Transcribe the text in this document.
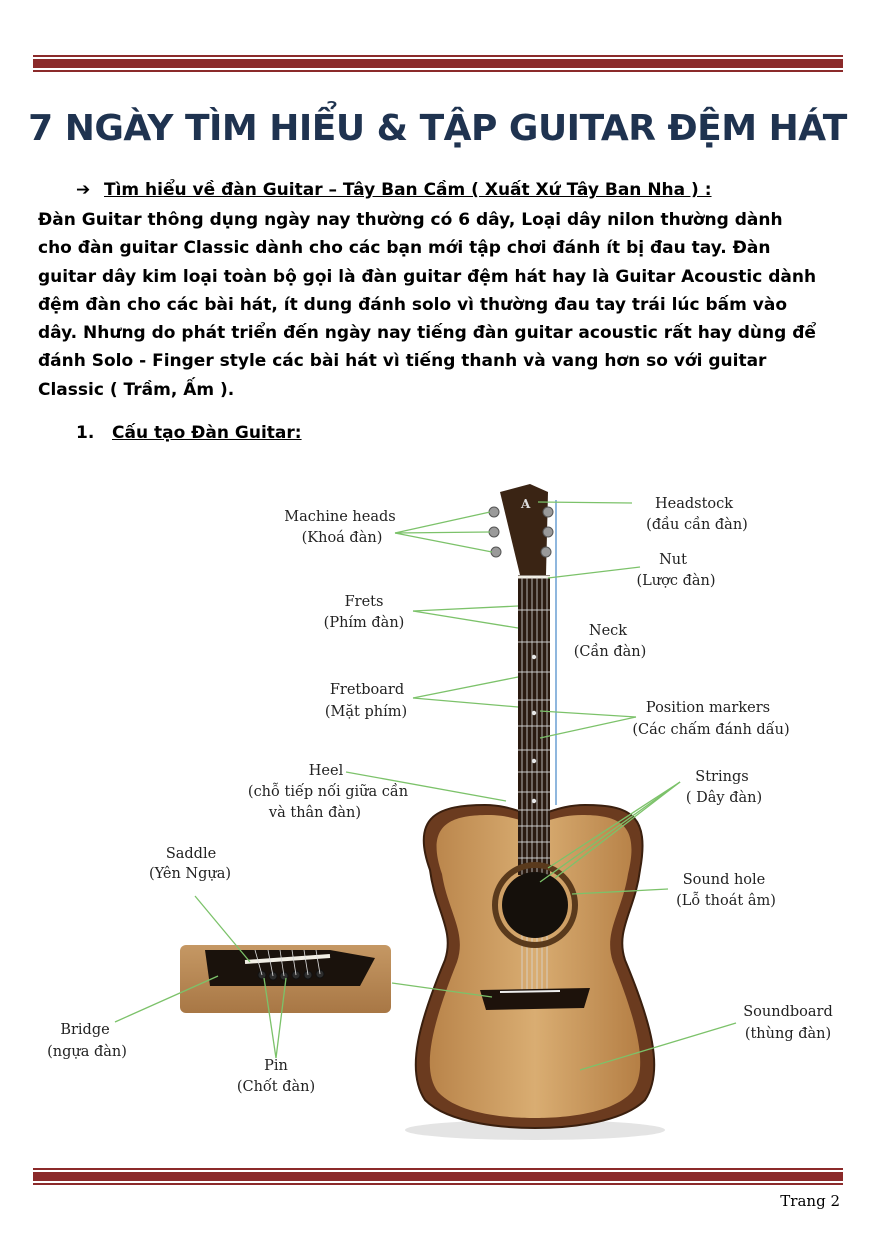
7 NGÀY TÌM HIỂU & TẬP GUITAR ĐỆM HÁT
➔ Tìm hiểu về đàn Guitar – Tây Ban Cầm ( Xuất Xứ Tây Ban Nha ) :
Đàn Guitar thông dụng ngày nay thường có 6 dây, Loại dây nilon thường dành
cho đàn guitar Classic dành cho các bạn mới tập chơi đánh ít bị đau tay. Đàn
guitar dây kim loại toàn bộ gọi là đàn guitar đệm hát hay là Guitar Acoustic dành
đệm đàn cho các bài hát, ít dung đánh solo vì thường đau tay trái lúc bấm vào
dây. Nhưng do phát triển đến ngày nay tiếng đàn guitar acoustic rất hay dùng để
đánh Solo - Finger style các bài hát vì tiếng thanh và vang hơn so với guitar
Classic ( Trầm, Ấm ).
1. Cấu tạo Đàn Guitar:
A
Machine heads
(Khoá đàn)
Headstock
(đầu cần đàn)
Nut
(Lược đàn)
Frets
(Phím đàn)	Neck
(Cần đàn)
Fretboard
(Mặt phím)	Position markers
(Các chấm đánh dấu)
Heel
(chỗ tiếp nối giữa cần
và thân đàn)
Strings
( Dây đàn)
Saddle
(Yên Ngựa)	Sound hole
(Lỗ thoát âm)
Bridge
(ngựa đàn)
Soundboard
(thùng đàn)
Pin
(Chốt đàn)
Trang 2
